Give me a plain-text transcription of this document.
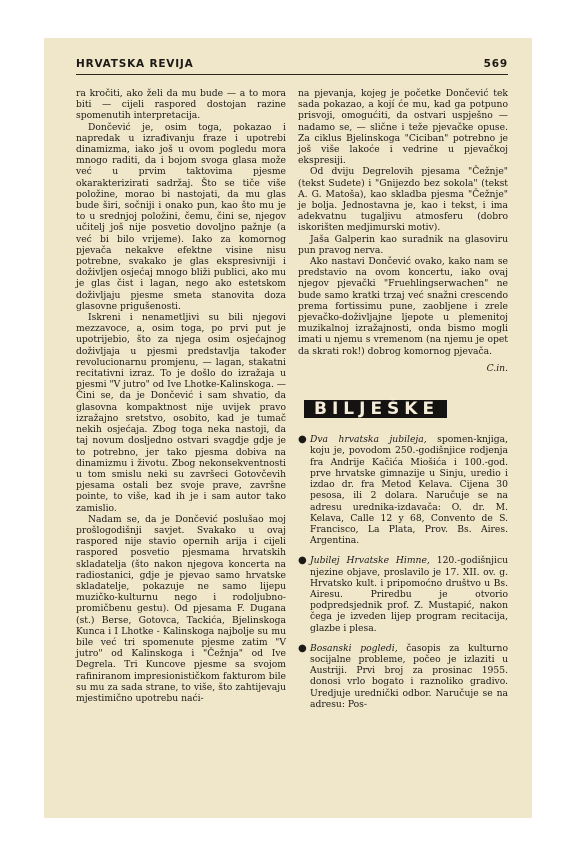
HRVATSKA REVIJA	569

ra kročiti, ako želi da mu bude — a to mora biti — cijeli raspored dostojan razine spomenutih interpretacija.

Dončević je, osim toga, pokazao i napredak u izrađivanju fraze i upotrebi dinamizma, iako još u ovom pogledu mora mnogo raditi, da i bojom svoga glasa može već u prvim taktovima pjesme okarakterizirati sadržaj. Što se tiče više položine, morao bi nastojati, da mu glas bude širi, sočniji i onako pun, kao što mu je to u srednjoj položini, čemu, čini se, njegov učitelj još nije posvetio dovoljno pažnje (a već bi bilo vrijeme). Iako za komornog pjevača nekakve efektne visine nisu potrebne, svakako je glas ekspresivniji i doživljen osjećaj mnogo bliži publici, ako mu je glas čist i lagan, nego ako estetskom doživljaju pjesme smeta stanovita doza glasovne prigušenosti.

Iskreni i nenametljivi su bili njegovi mezzavoce, a, osim toga, po prvi put je upotrijebio, što za njega osim osjećajnog doživljaja u pjesmi predstavlja također revolucionarnu promjenu, — lagan, stakatni recitativni izraz. To je došlo do izražaja u pjesmi "V jutro" od Ive Lhotke-Kalinskoga. — Čini se, da je Dončević i sam shvatio, da glasovna kompaktnost nije uvijek pravo izražajno sretstvo, osobito, kad je tumač nekih osjećaja. Zbog toga neka nastoji, da taj novum dosljedno ostvari svagdje gdje je to potrebno, jer tako pjesma dobiva na dinamizmu i životu. Zbog nekonsekventnosti u tom smislu neki su završeci Gotovčevih pjesama ostali bez svoje prave, završne pointe, to više, kad ih je i sam autor tako zamislio.

Nadam se, da je Dončević poslušao moj prošlogodišnji savjet. Svakako u ovaj raspored nije stavio opernih arija i cijeli raspored posvetio pjesmama hrvatskih skladatelja (što nakon njegova koncerta na radiostanici, gdje je pjevao samo hrvatske skladatelje, pokazuje ne samo lijepu muzičko-kulturnu nego i rodoljubno-promičbenu gestu). Od pjesama F. Dugana (st.) Berse, Gotovca, Tackića, Bjelinskoga Kunca i I Lhotke - Kalinskoga najbolje su mu bile već tri spomenute pjesme zatim "V jutro" od Kalinskoga i "Čežnja" od Ive Degrela. Tri Kuncove pjesme sa svojom rafiniranom impresionističkom fakturom bile su mu za sada strane, to više, što zahtijevaju mjestimično upotrebu naći-

na pjevanja, kojeg je početke Dončević tek sada pokazao, a kojí će mu, kad ga potpuno prisvoji, omogućiti, da ostvari uspješno — nadamo se, — slične i teže pjevačke opuse. Za ciklus Bjelinskoga "Ciciban" potrebno je još više lakoće i vedrine u pjevačkoj ekspresiji.

Od dviju Degrelovih pjesama "Čežnje" (tekst Sudete) i "Gnijezdo bez sokola" (tekst A. G. Matoša), kao skladba pjesma "Čežnje" je bolja. Jednostavna je, kao i tekst, i ima adekvatnu tugaljivu atmosferu (dobro iskorišten medjimurski motiv).

Jaša Galperin kao suradnik na glasoviru pun pravog nerva.

Ako nastavi Dončević ovako, kako nam se predstavio na ovom koncertu, iako ovaj njegov pjevački "Fruehlingserwachen" ne bude samo kratki trzaj već snažni crescendo prema fortissimu pune, zaobljene i zrele pjevačko-doživljajne ljepote u plemenitoj muzikalnoj izražajnosti, onda bismo mogli imati u njemu s vremenom (na njemu je opet da skrati rok!) dobrog komornog pjevača.

C.in.

BILJEŠKE

● Dva hrvatska jubileja, spomen-knjiga, koju je, povodom 250.-godišnjice rodjenja fra Andrije Kačića Miošića i 100.-god. prve hrvatske gimnazije u Sinju, uredio i izdao dr. fra Metod Kelava. Cijena 30 pesosa, ili 2 dolara. Naručuje se na adresu urednika-izdavača: O. dr. M. Kelava, Calle 12 y 68, Convento de S. Francisco, La Plata, Prov. Bs. Aires. Argentina.

● Jubilej Hrvatske Himne, 120.-godišnjicu njezine objave, proslavilo je 17. XII. ov. g. Hrvatsko kult. i pripomoćno društvo u Bs. Airesu. Priredbu je otvorio podpredsjednik prof. Z. Mustapić, nakon čega je izveden lijep program recitacija, glazbe i plesa.

● Bosanski pogledi, časopis za kulturno socijalne probleme, počeo je izlaziti u Austriji. Prvi broj za prosinac 1955. donosi vrlo bogato i raznoliko gradivo. Uredjuje urednički odbor. Naručuje se na adresu: Pos-
